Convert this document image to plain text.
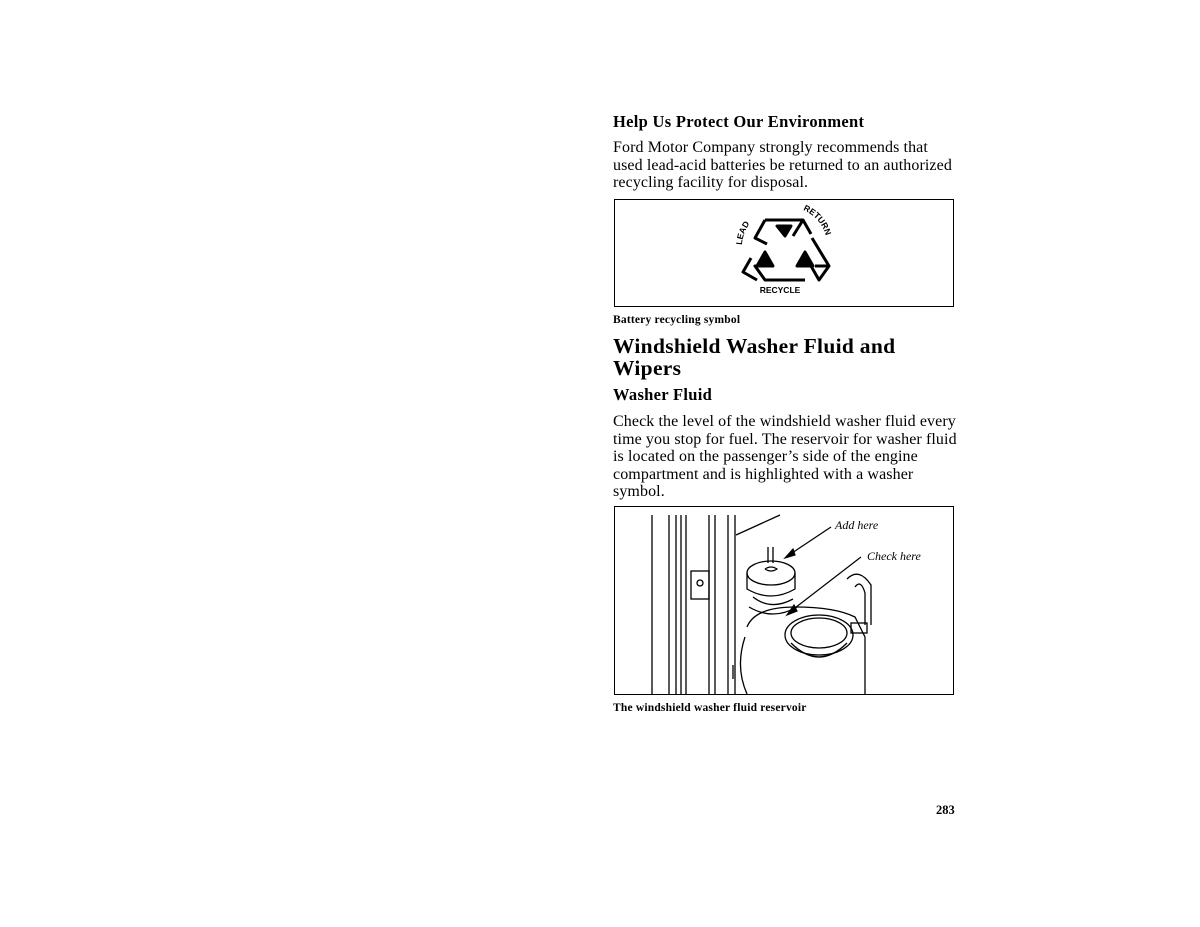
Help Us Protect Our Environment
Ford Motor Company strongly recommends that used lead-acid batteries be returned to an authorized recycling facility for disposal.
LEAD
RETURN
RECYCLE
Battery recycling symbol
Windshield Washer Fluid and Wipers
Washer Fluid
Check the level of the windshield washer fluid every time you stop for fuel. The reservoir for washer fluid is located on the passenger’s side of the engine compartment and is highlighted with a washer symbol.
Add here
Check here
The windshield washer fluid reservoir
283
